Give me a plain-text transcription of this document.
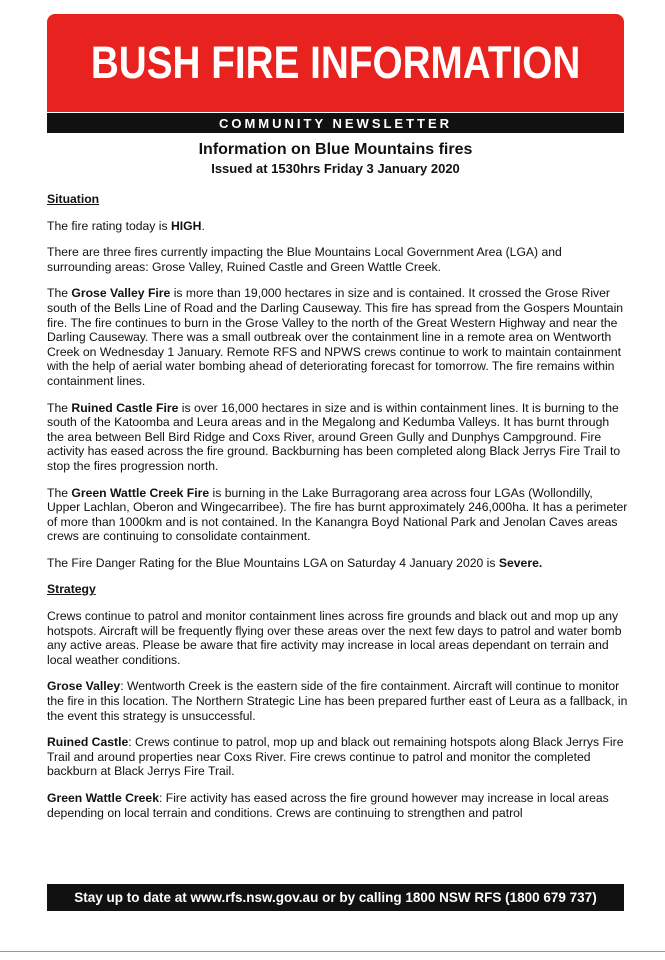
BUSH FIRE INFORMATION
COMMUNITY NEWSLETTER
Information on Blue Mountains fires
Issued at 1530hrs Friday 3 January 2020
Situation

The fire rating today is HIGH.

There are three fires currently impacting the Blue Mountains Local Government Area (LGA) and surrounding areas: Grose Valley, Ruined Castle and Green Wattle Creek.

The Grose Valley Fire is more than 19,000 hectares in size and is contained. It crossed the Grose River south of the Bells Line of Road and the Darling Causeway. This fire has spread from the Gospers Mountain fire. The fire continues to burn in the Grose Valley to the north of the Great Western Highway and near the Darling Causeway. There was a small outbreak over the containment line in a remote area on Wentworth Creek on Wednesday 1 January. Remote RFS and NPWS crews continue to work to maintain containment with the help of aerial water bombing ahead of deteriorating forecast for tomorrow. The fire remains within containment lines.

The Ruined Castle Fire is over 16,000 hectares in size and is within containment lines. It is burning to the south of the Katoomba and Leura areas and in the Megalong and Kedumba Valleys. It has burnt through the area between Bell Bird Ridge and Coxs River, around Green Gully and Dunphys Campground. Fire activity has eased across the fire ground. Backburning has been completed along Black Jerrys Fire Trail to stop the fires progression north.

The Green Wattle Creek Fire is burning in the Lake Burragorang area across four LGAs (Wollondilly, Upper Lachlan, Oberon and Wingecarribee). The fire has burnt approximately 246,000ha. It has a perimeter of more than 1000km and is not contained. In the Kanangra Boyd National Park and Jenolan Caves areas crews are continuing to consolidate containment.

The Fire Danger Rating for the Blue Mountains LGA on Saturday 4 January 2020 is Severe.

Strategy

Crews continue to patrol and monitor containment lines across fire grounds and black out and mop up any hotspots. Aircraft will be frequently flying over these areas over the next few days to patrol and water bomb any active areas. Please be aware that fire activity may increase in local areas dependant on terrain and local weather conditions.

Grose Valley: Wentworth Creek is the eastern side of the fire containment. Aircraft will continue to monitor the fire in this location. The Northern Strategic Line has been prepared further east of Leura as a fallback, in the event this strategy is unsuccessful.

Ruined Castle: Crews continue to patrol, mop up and black out remaining hotspots along Black Jerrys Fire Trail and around properties near Coxs River. Fire crews continue to patrol and monitor the completed backburn at Black Jerrys Fire Trail.

Green Wattle Creek: Fire activity has eased across the fire ground however may increase in local areas depending on local terrain and conditions. Crews are continuing to strengthen and patrol

Stay up to date at www.rfs.nsw.gov.au or by calling 1800 NSW RFS (1800 679 737)
